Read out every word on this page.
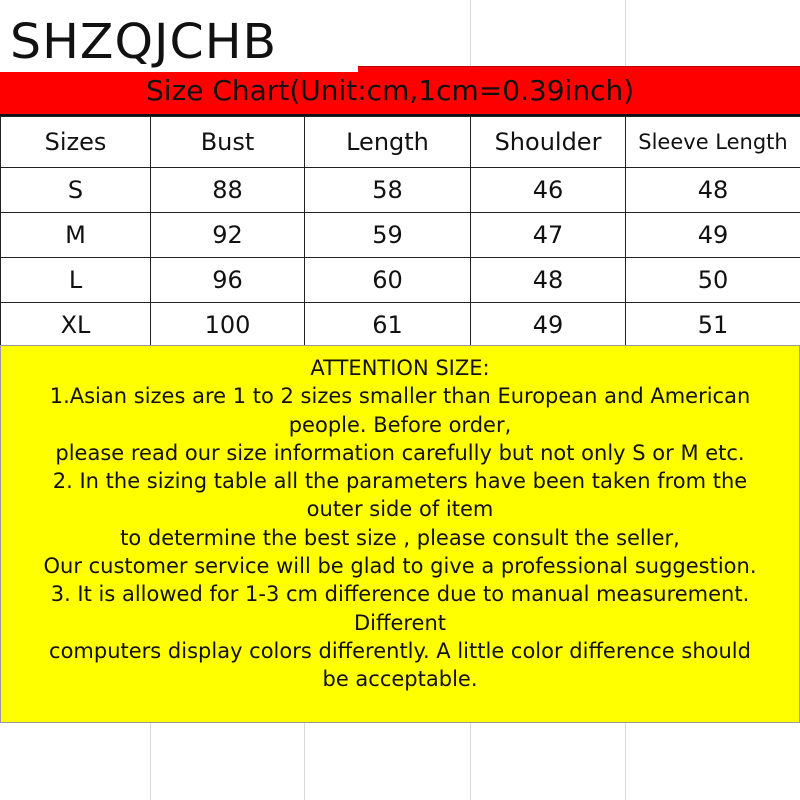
Size Chart(Unit:cm,1cm=0.39inch)
SHZQJCHB
Sizes	Bust	Length	Shoulder	Sleeve Length
S	88	58	46	48
M	92	59	47	49
L	96	60	48	50
XL	100	61	49	51

ATTENTION SIZE:

1.Asian sizes are 1 to 2 sizes smaller than European and American

people. Before order,

please read our size information carefully but not only S or M etc.

2. In the sizing table all the parameters have been taken from the

outer side of item

to determine the best size , please consult the seller,

Our customer service will be glad to give a professional suggestion.

3. It is allowed for 1-3 cm difference due to manual measurement.

Different

computers display colors differently. A little color difference should

be acceptable.
